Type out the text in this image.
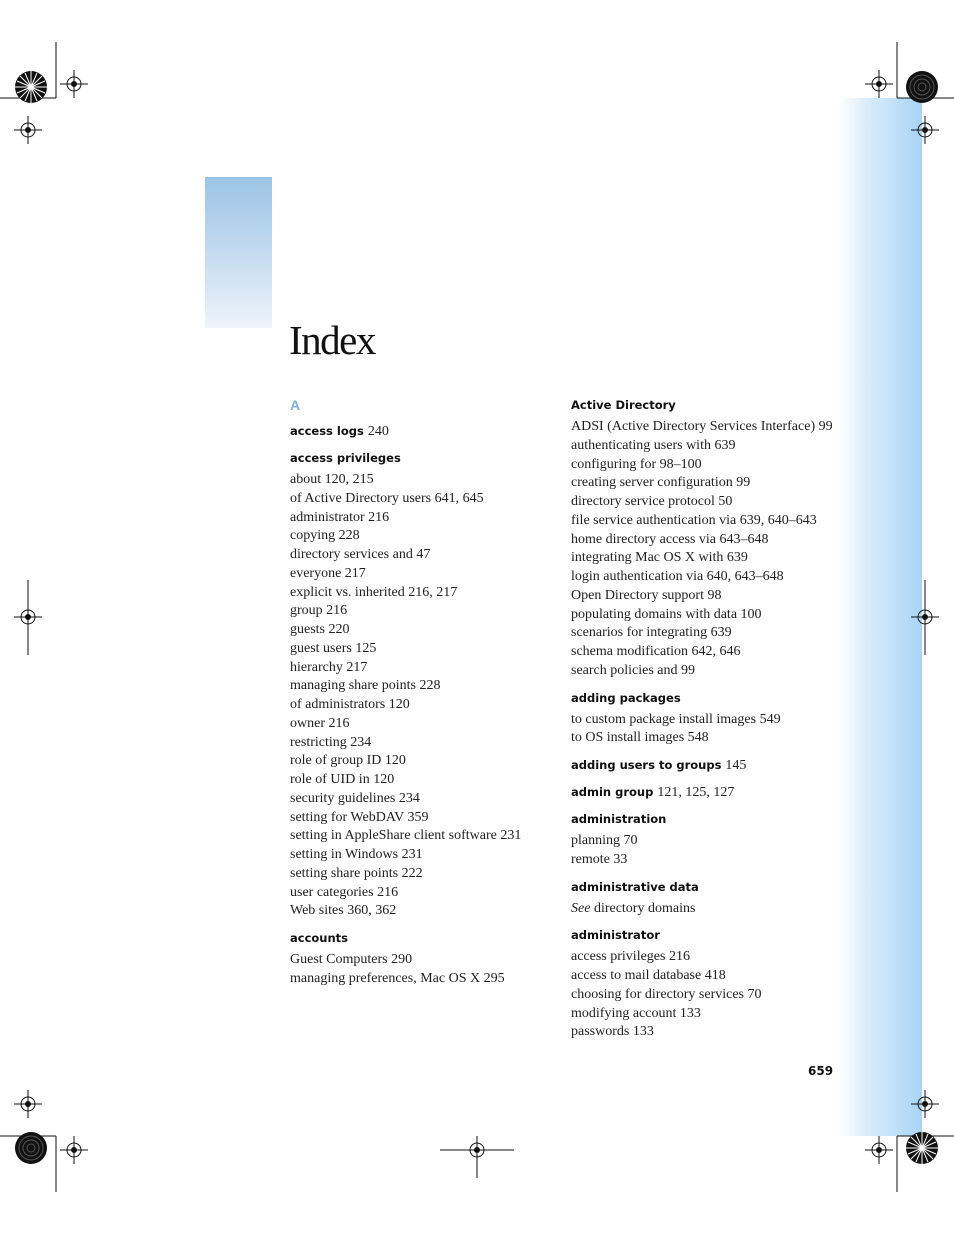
Index
A
access logs 240
access privileges
about 120, 215
of Active Directory users 641, 645
administrator 216
copying 228
directory services and 47
everyone 217
explicit vs. inherited 216, 217
group 216
guests 220
guest users 125
hierarchy 217
managing share points 228
of administrators 120
owner 216
restricting 234
role of group ID 120
role of UID in 120
security guidelines 234
setting for WebDAV 359
setting in AppleShare client software 231
setting in Windows 231
setting share points 222
user categories 216
Web sites 360, 362
accounts
Guest Computers 290
managing preferences, Mac OS X 295
Active Directory
ADSI (Active Directory Services Interface) 99
authenticating users with 639
configuring for 98–100
creating server configuration 99
directory service protocol 50
file service authentication via 639, 640–643
home directory access via 643–648
integrating Mac OS X with 639
login authentication via 640, 643–648
Open Directory support 98
populating domains with data 100
scenarios for integrating 639
schema modification 642, 646
search policies and 99
adding packages
to custom package install images 549
to OS install images 548
adding users to groups 145
admin group 121, 125, 127
administration
planning 70
remote 33
administrative data
See directory domains
administrator
access privileges 216
access to mail database 418
choosing for directory services 70
modifying account 133
passwords 133
659
